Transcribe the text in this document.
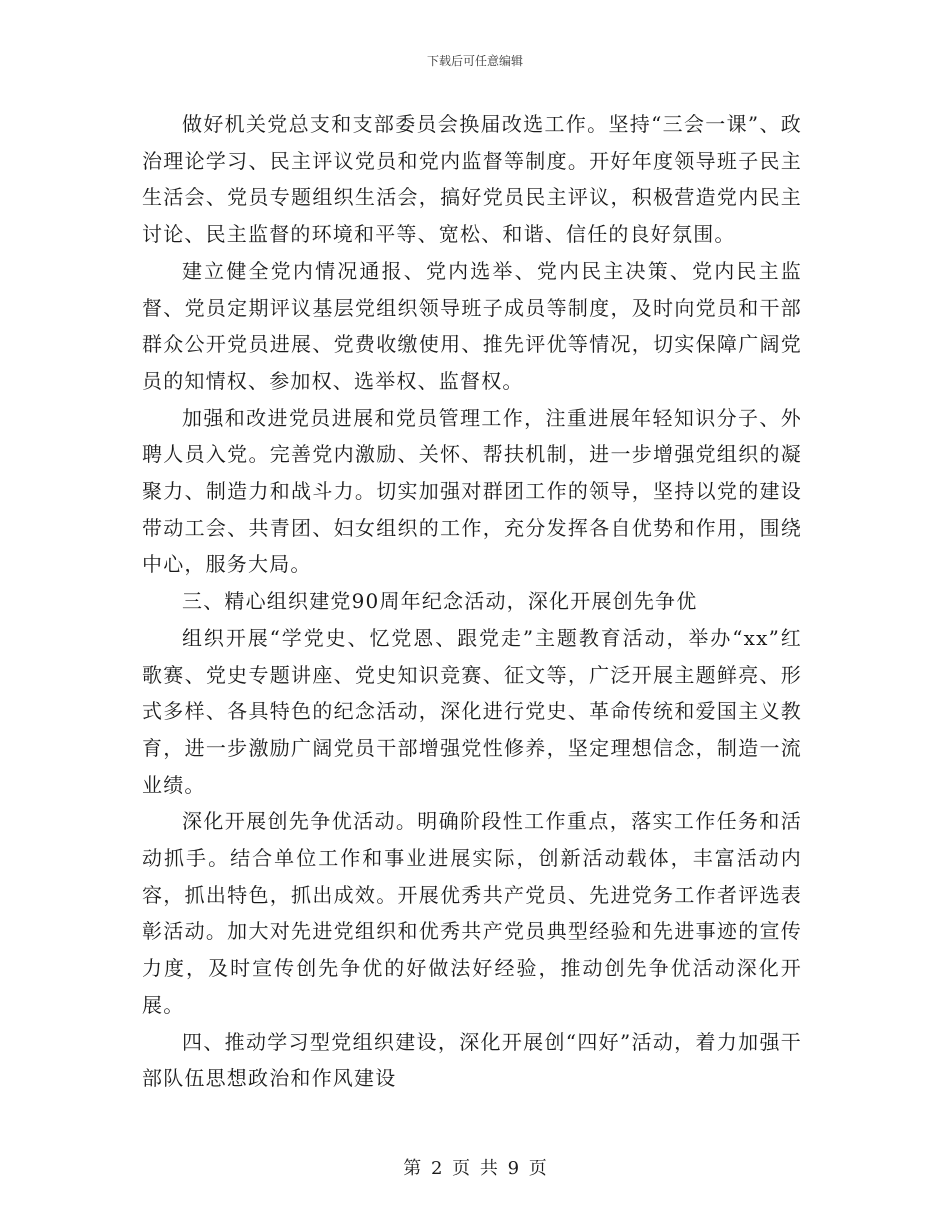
下载后可任意编辑

做好机关党总支和支部委员会换届改选工作。坚持“三会一课”、政治理论学习、民主评议党员和党内监督等制度。开好年度领导班子民主生活会、党员专题组织生活会，搞好党员民主评议，积极营造党内民主讨论、民主监督的环境和平等、宽松、和谐、信任的良好氛围。

建立健全党内情况通报、党内选举、党内民主决策、党内民主监督、党员定期评议基层党组织领导班子成员等制度，及时向党员和干部群众公开党员进展、党费收缴使用、推先评优等情况，切实保障广阔党员的知情权、参加权、选举权、监督权。

加强和改进党员进展和党员管理工作，注重进展年轻知识分子、外聘人员入党。完善党内激励、关怀、帮扶机制，进一步增强党组织的凝聚力、制造力和战斗力。切实加强对群团工作的领导，坚持以党的建设带动工会、共青团、妇女组织的工作，充分发挥各自优势和作用，围绕中心，服务大局。

三、精心组织建党90周年纪念活动，深化开展创先争优

组织开展“学党史、忆党恩、跟党走”主题教育活动，举办“xx”红歌赛、党史专题讲座、党史知识竞赛、征文等，广泛开展主题鲜亮、形式多样、各具特色的纪念活动，深化进行党史、革命传统和爱国主义教育，进一步激励广阔党员干部增强党性修养，坚定理想信念，制造一流业绩。

深化开展创先争优活动。明确阶段性工作重点，落实工作任务和活动抓手。结合单位工作和事业进展实际，创新活动载体，丰富活动内容，抓出特色，抓出成效。开展优秀共产党员、先进党务工作者评选表彰活动。加大对先进党组织和优秀共产党员典型经验和先进事迹的宣传力度，及时宣传创先争优的好做法好经验，推动创先争优活动深化开展。

四、推动学习型党组织建设，深化开展创“四好”活动，着力加强干部队伍思想政治和作风建设

第 2 页 共 9 页
